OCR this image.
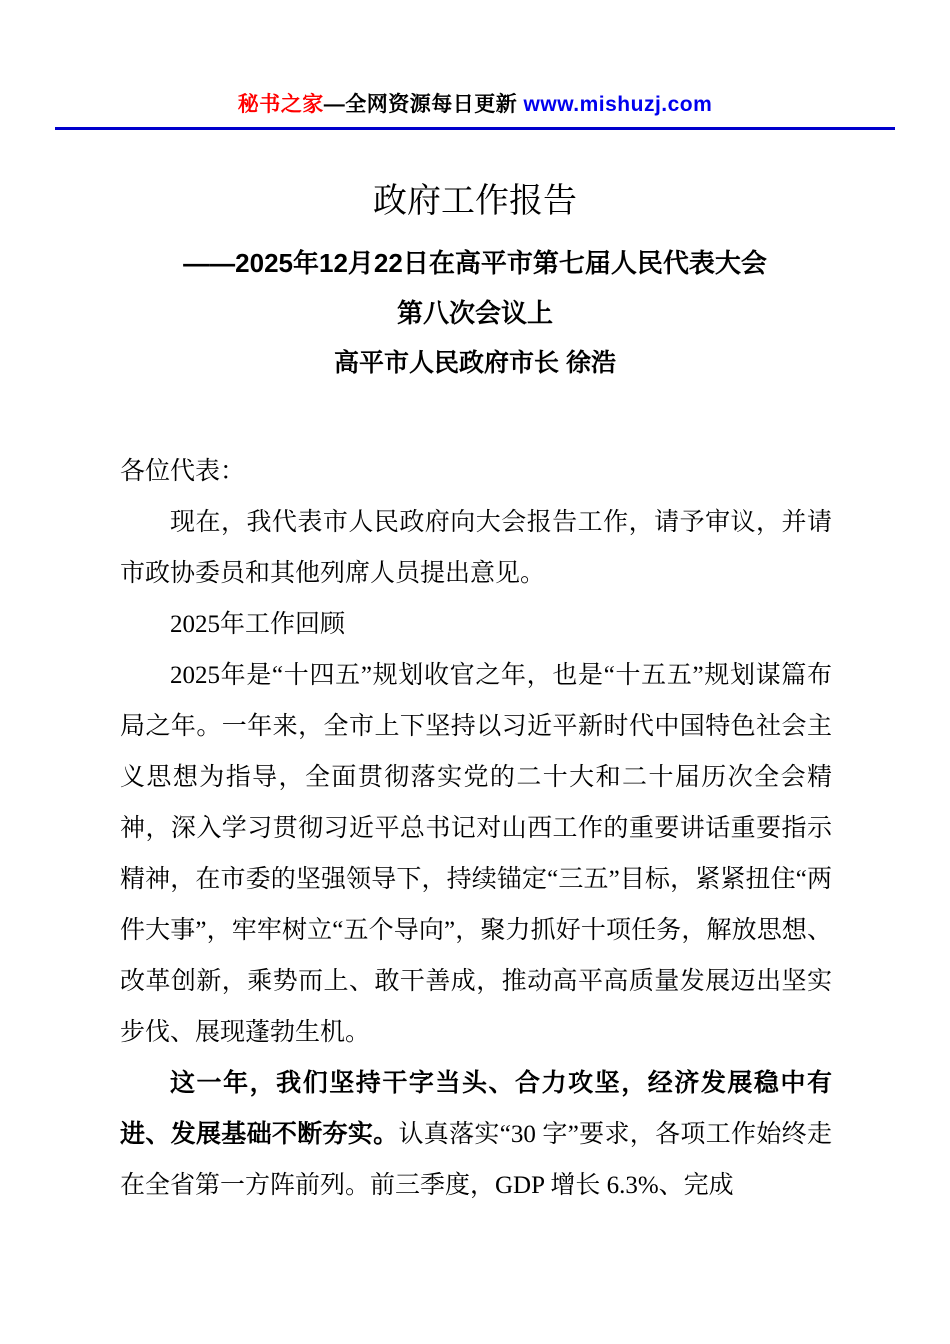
秘书之家—全网资源每日更新 www.mishuzj.com
政府工作报告
——2025年12月22日在高平市第七届人民代表大会
第八次会议上
高平市人民政府市长 徐浩

各位代表：

现在，我代表市人民政府向大会报告工作，请予审议，并请市政协委员和其他列席人员提出意见。

2025年工作回顾

2025年是“十四五”规划收官之年，也是“十五五”规划谋篇布局之年。一年来，全市上下坚持以习近平新时代中国特色社会主义思想为指导，全面贯彻落实党的二十大和二十届历次全会精神，深入学习贯彻习近平总书记对山西工作的重要讲话重要指示精神，在市委的坚强领导下，持续锚定“三五”目标，紧紧扭住“两件大事”，牢牢树立“五个导向”，聚力抓好十项任务，解放思想、改革创新，乘势而上、敢干善成，推动高平高质量发展迈出坚实步伐、展现蓬勃生机。

这一年，我们坚持干字当头、合力攻坚，经济发展稳中有进、发展基础不断夯实。认真落实“30 字”要求，各项工作始终走在全省第一方阵前列。前三季度，GDP 增长 6.3%、完成
